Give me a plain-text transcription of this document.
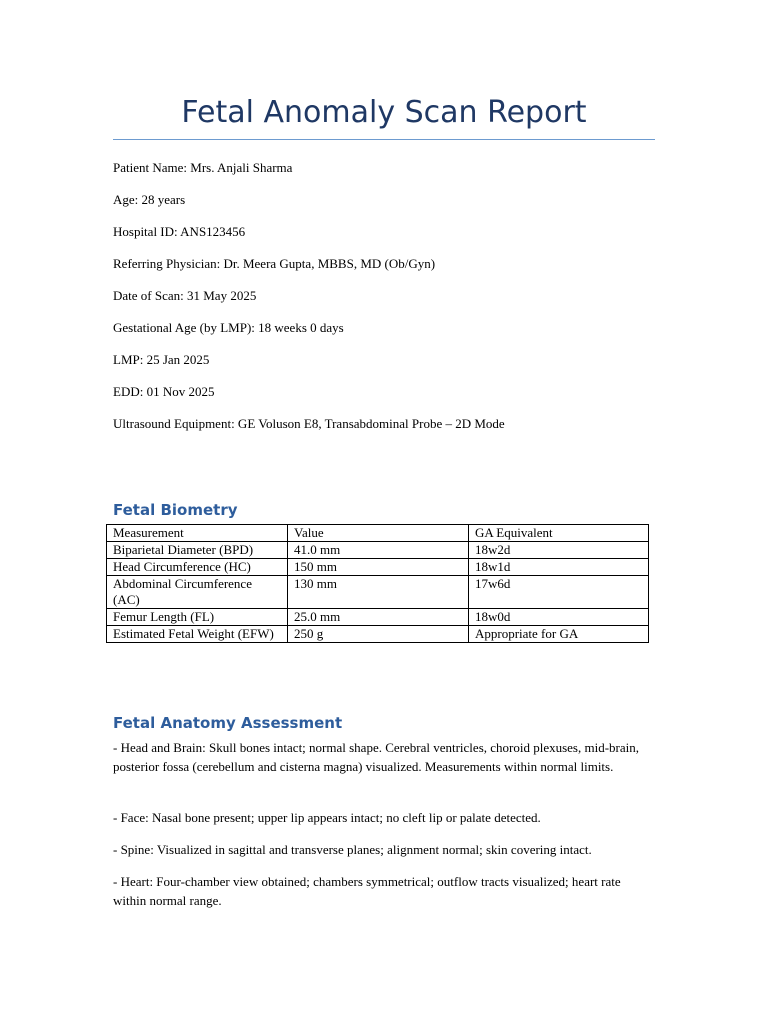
Fetal Anomaly Scan Report
Patient Name: Mrs. Anjali Sharma
Age: 28 years
Hospital ID: ANS123456
Referring Physician: Dr. Meera Gupta, MBBS, MD (Ob/Gyn)
Date of Scan: 31 May 2025
Gestational Age (by LMP): 18 weeks 0 days
LMP: 25 Jan 2025
EDD: 01 Nov 2025
Ultrasound Equipment: GE Voluson E8, Transabdominal Probe – 2D Mode
Fetal Biometry
Measurement	Value	GA Equivalent
Biparietal Diameter (BPD)	41.0 mm	18w2d
Head Circumference (HC)	150 mm	18w1d
Abdominal Circumference (AC)	130 mm	17w6d
Femur Length (FL)	25.0 mm	18w0d
Estimated Fetal Weight (EFW)	250 g	Appropriate for GA
Fetal Anatomy Assessment

- Head and Brain: Skull bones intact; normal shape. Cerebral ventricles, choroid plexuses, mid-brain, posterior fossa (cerebellum and cisterna magna) visualized. Measurements within normal limits.

- Face: Nasal bone present; upper lip appears intact; no cleft lip or palate detected.

- Spine: Visualized in sagittal and transverse planes; alignment normal; skin covering intact.

- Heart: Four-chamber view obtained; chambers symmetrical; outflow tracts visualized; heart rate within normal range.
